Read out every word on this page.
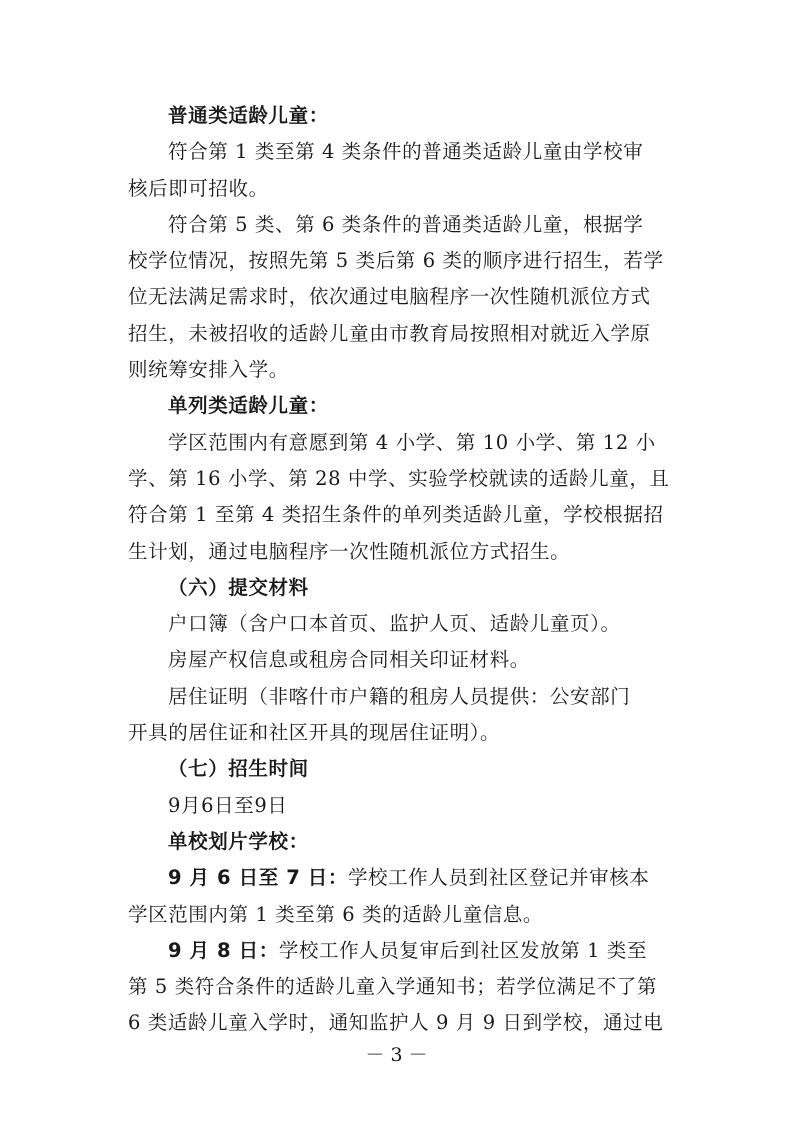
普通类适龄儿童：
符合第 1 类至第 4 类条件的普通类适龄儿童由学校审
核后即可招收。
符合第 5 类、第 6 类条件的普通类适龄儿童，根据学
校学位情况，按照先第 5 类后第 6 类的顺序进行招生，若学
位无法满足需求时，依次通过电脑程序一次性随机派位方式
招生，未被招收的适龄儿童由市教育局按照相对就近入学原
则统筹安排入学。
单列类适龄儿童：
学区范围内有意愿到第 4 小学、第 10 小学、第 12 小
学、第 16 小学、第 28 中学、实验学校就读的适龄儿童，且
符合第 1 至第 4 类招生条件的单列类适龄儿童，学校根据招
生计划，通过电脑程序一次性随机派位方式招生。
（六）提交材料
户口簿（含户口本首页、监护人页、适龄儿童页）。
房屋产权信息或租房合同相关印证材料。
居住证明（非喀什市户籍的租房人员提供：公安部门
开具的居住证和社区开具的现居住证明）。
（七）招生时间
9月6日至9日
单校划片学校：
9 月 6 日至 7 日：学校工作人员到社区登记并审核本
学区范围内第 1 类至第 6 类的适龄儿童信息。
9 月 8 日：学校工作人员复审后到社区发放第 1 类至
第 5 类符合条件的适龄儿童入学通知书；若学位满足不了第
6 类适龄儿童入学时，通知监护人 9 月 9 日到学校，通过电
－ 3 －
